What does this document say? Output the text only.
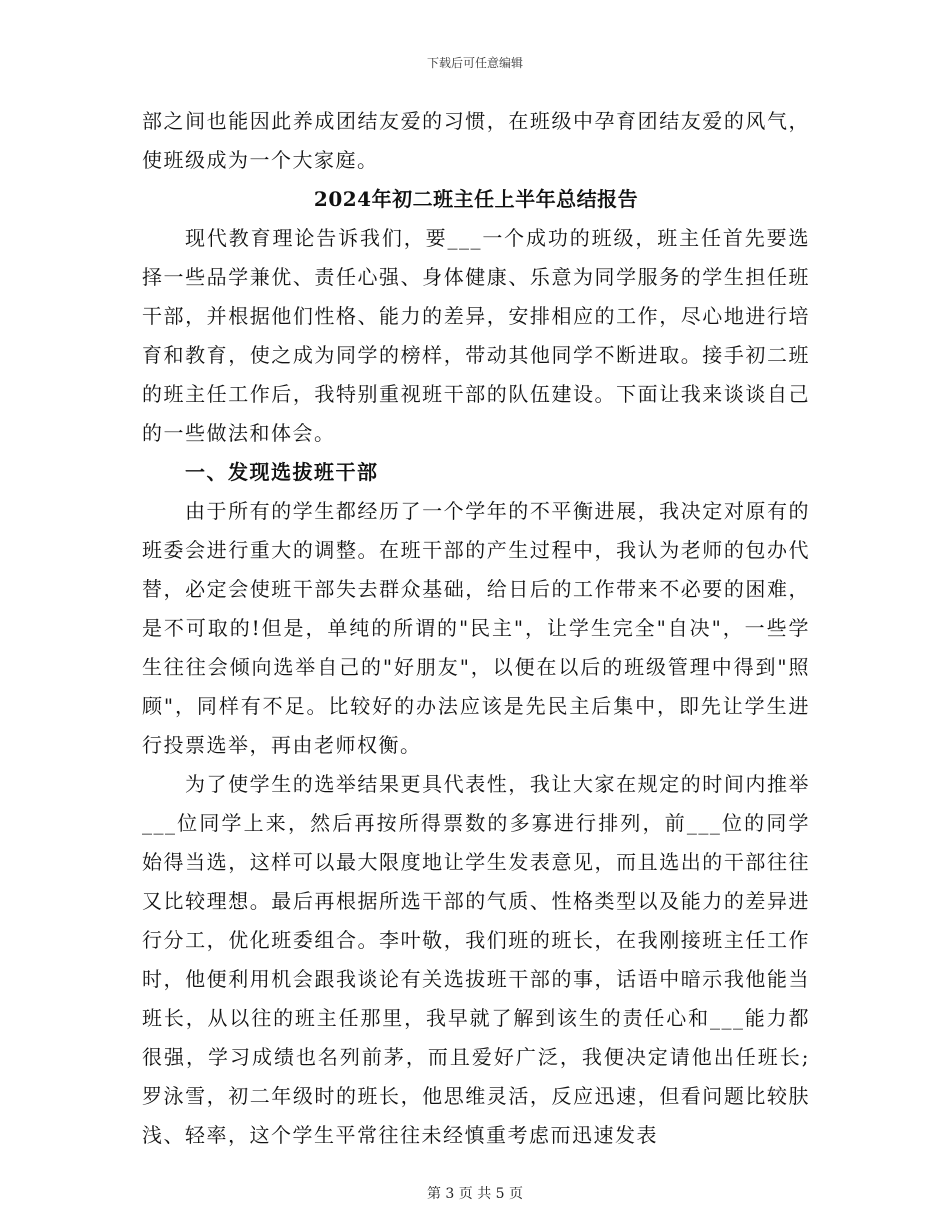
下载后可任意编辑

部之间也能因此养成团结友爱的习惯，在班级中孕育团结友爱的风气，使班级成为一个大家庭。

2024年初二班主任上半年总结报告

现代教育理论告诉我们，要___一个成功的班级，班主任首先要选择一些品学兼优、责任心强、身体健康、乐意为同学服务的学生担任班干部，并根据他们性格、能力的差异，安排相应的工作，尽心地进行培育和教育，使之成为同学的榜样，带动其他同学不断进取。接手初二班的班主任工作后，我特别重视班干部的队伍建设。下面让我来谈谈自己的一些做法和体会。

一、发现选拔班干部

由于所有的学生都经历了一个学年的不平衡进展，我决定对原有的班委会进行重大的调整。在班干部的产生过程中，我认为老师的包办代替，必定会使班干部失去群众基础，给日后的工作带来不必要的困难，是不可取的!但是，单纯的所谓的"民主"，让学生完全"自决"，一些学生往往会倾向选举自己的"好朋友"，以便在以后的班级管理中得到"照顾"，同样有不足。比较好的办法应该是先民主后集中，即先让学生进行投票选举，再由老师权衡。

为了使学生的选举结果更具代表性，我让大家在规定的时间内推举___位同学上来，然后再按所得票数的多寡进行排列，前___位的同学始得当选，这样可以最大限度地让学生发表意见，而且选出的干部往往又比较理想。最后再根据所选干部的气质、性格类型以及能力的差异进行分工，优化班委组合。李叶敬，我们班的班长，在我刚接班主任工作时，他便利用机会跟我谈论有关选拔班干部的事，话语中暗示我他能当班长，从以往的班主任那里，我早就了解到该生的责任心和___能力都很强，学习成绩也名列前茅，而且爱好广泛，我便决定请他出任班长;罗泳雪，初二年级时的班长，他思维灵活，反应迅速，但看问题比较肤浅、轻率，这个学生平常往往未经慎重考虑而迅速发表

第 3 页 共 5 页
